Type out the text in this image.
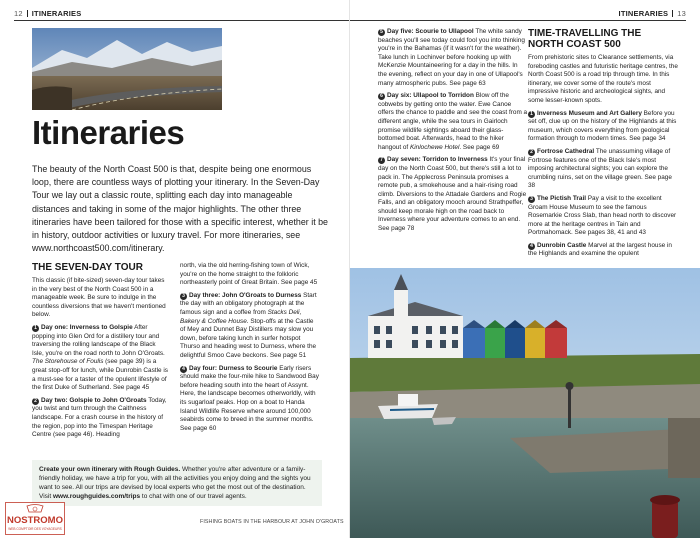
12 ITINERARIES
Itineraries
The beauty of the North Coast 500 is that, despite being one enormous loop, there are countless ways of plotting your itinerary. In the Seven-Day Tour we lay out a classic route, splitting each day into manageable distances and taking in some of the major highlights. The other three itineraries have been tailored for those with a specific interest, whether it be in history, outdoor activities or luxury travel. For more itineraries, see www.northcoast500.com/itinerary.
THE SEVEN-DAY TOUR

This classic (if bite-sized) seven-day tour takes in the very best of the North Coast 500 in a manageable week. Be sure to indulge in the countless diversions that we haven't mentioned below.

1 Day one: Inverness to Golspie After popping into Glen Ord for a distillery tour and traversing the rolling landscape of the Black Isle, you're on the road north to John O'Groats. The Storehouse of Foulis (see page 39) is a great stop-off for lunch, while Dunrobin Castle is a must-see for a taster of the opulent lifestyle of the first Duke of Sutherland. See page 45

2 Day two: Golspie to John O'Groats Today, you twist and turn through the Caithness landscape. For a crash course in the history of the region, pop into the Timespan Heritage Centre (see page 46). Heading

north, via the old herring-fishing town of Wick, you're on the home straight to the folkloric northeasterly point of Great Britain. See page 45

3 Day three: John O'Groats to Durness Start the day with an obligatory photograph at the famous sign and a coffee from Stacks Deli, Bakery & Coffee House. Stop-offs at the Castle of Mey and Dunnet Bay Distillers may slow you down, before taking lunch in surfer hotspot Thurso and heading west to Durness, where the delightful Smoo Cave beckons. See page 51

4 Day four: Durness to Scourie Early risers should make the four-mile hike to Sandwood Bay before heading south into the heart of Assynt. Here, the landscape becomes otherworldly, with its sugarloaf peaks. Hop on a boat to Handa Island Wildlife Reserve where around 100,000 seabirds come to breed in the summer months. See page 60

Create your own itinerary with Rough Guides. Whether you're after adventure or a family-friendly holiday, we have a trip for you, with all the activities you enjoy doing and the sights you want to see. All our trips are devised by local experts who get the most out of the destination. Visit www.roughguides.com/trips to chat with one of our travel agents.
FISHING BOATS IN THE HARBOUR AT JOHN O'GROATS
NOSTROMO
WEB COMPTOIR DES VOYAGEURS
ITINERARIES 13

5 Day five: Scourie to Ullapool The white sandy beaches you'll see today could fool you into thinking you're in the Bahamas (if it wasn't for the weather). Take lunch in Lochinver before hooking up with McKenzie Mountaineering for a day in the hills. In the evening, reflect on your day in one of Ullapool's many atmospheric pubs. See page 63

6 Day six: Ullapool to Torridon Blow off the cobwebs by getting onto the water. Ewe Canoe offers the chance to paddle and see the coast from a different angle, while the sea tours in Gairloch promise wildlife sightings aboard their glass-bottomed boat. Afterwards, head to the hiker hangout of Kinlochewe Hotel. See page 69

7 Day seven: Torridon to Inverness It's your final day on the North Coast 500, but there's still a lot to pack in. The Applecross Peninsula promises a remote pub, a smokehouse and a hair-rising road climb. Diversions to the Attadale Gardens and Rogie Falls, and an obligatory mooch around Strathpeffer, should keep morale high on the road back to Inverness where your adventure comes to an end. See page 78

TIME-TRAVELLING THE NORTH COAST 500

From prehistoric sites to Clearance settlements, via foreboding castles and futuristic heritage centres, the North Coast 500 is a road trip through time. In this itinerary, we cover some of the route's most impressive historic and archeological sights, and some lesser-known spots.

1 Inverness Museum and Art Gallery Before you set off, clue up on the history of the Highlands at this museum, which covers everything from geological formation through to modern times. See page 34

2 Fortrose Cathedral The unassuming village of Fortrose features one of the Black Isle's most imposing architectural sights; you can explore the crumbling ruins, set on the village green. See page 38

3 The Pictish Trail Pay a visit to the excellent Groam House Museum to see the famous Rosemarkie Cross Slab, than head north to discover more at the heritage centres in Tain and Portmahomack. See pages 38, 41 and 43

4 Dunrobin Castle Marvel at the largest house in the Highlands and examine the opulent
